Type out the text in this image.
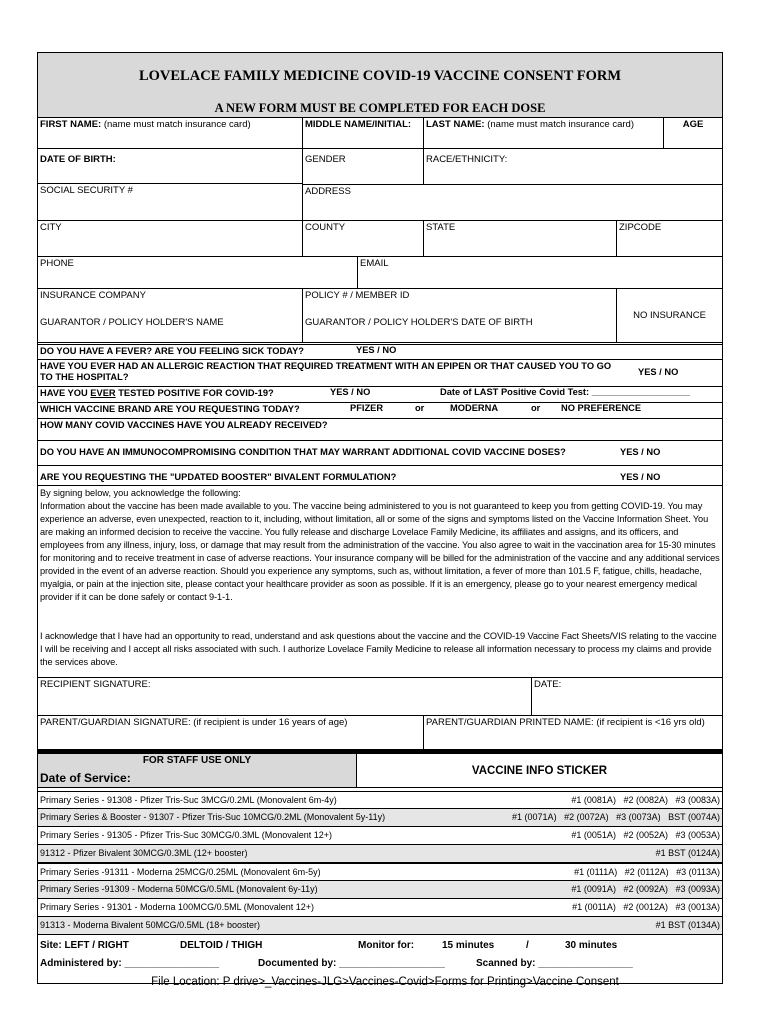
LOVELACE FAMILY MEDICINE COVID-19 VACCINE CONSENT FORM
A NEW FORM MUST BE COMPLETED FOR EACH DOSE
FIRST NAME: (name must match insurance card)	MIDDLE NAME/INITIAL:	LAST NAME: (name must match insurance card)	AGE
DATE OF BIRTH:	GENDER	RACE/ETHNICITY:
SOCIAL SECURITY #	ADDRESS
CITY	COUNTY	STATE	ZIPCODE
PHONE	EMAIL
INSURANCE COMPANY	POLICY # / MEMBER ID
GUARANTOR / POLICY HOLDER'S NAME	GUARANTOR / POLICY HOLDER'S DATE OF BIRTH
NO INSURANCE
DO YOU HAVE A FEVER? ARE YOU FEELING SICK TODAY?	YES / NO
HAVE YOU EVER HAD AN ALLERGIC REACTION THAT REQUIRED TREATMENT WITH AN EPIPEN OR THAT CAUSED YOU TO GO TO THE HOSPITAL?	YES / NO
HAVE YOU EVER TESTED POSITIVE FOR COVID-19?	YES / NO	Date of LAST Positive Covid Test: ___________________
WHICH VACCINE BRAND ARE YOU REQUESTING TODAY?	PFIZER	or	MODERNA	or NO PREFERENCE
HOW MANY COVID VACCINES HAVE YOU ALREADY RECEIVED?
DO YOU HAVE AN IMMUNOCOMPROMISING CONDITION THAT MAY WARRANT ADDITIONAL COVID VACCINE DOSES?	YES / NO
ARE YOU REQUESTING THE "UPDATED BOOSTER" BIVALENT FORMULATION?	YES / NO
By signing below, you acknowledge the following:
Information about the vaccine has been made available to you. The vaccine being administered to you is not guaranteed to keep you from getting COVID-19. You may experience an adverse, even unexpected, reaction to it, including, without limitation, all or some of the signs and symptoms listed on the Vaccine Information Sheet. You are making an informed decision to receive the vaccine. You fully release and discharge Lovelace Family Medicine, its affiliates and assigns, and its officers, and employees from any illness, injury, loss, or damage that may result from the administration of the vaccine. You also agree to wait in the vaccination area for 15-30 minutes for monitoring and to receive treatment in case of adverse reactions. Your insurance company will be billed for the administration of the vaccine and any additional services provided in the event of an adverse reaction. Should you experience any symptoms, such as, without limitation, a fever of more than 101.5 F, fatigue, chills, headache, myalgia, or pain at the injection site, please contact your healthcare provider as soon as possible. If it is an emergency, please go to your nearest emergency medical provider if it can be done safely or contact 9-1-1.
I acknowledge that I have had an opportunity to read, understand and ask questions about the vaccine and the COVID-19 Vaccine Fact Sheets/VIS relating to the vaccine I will be receiving and I accept all risks associated with such. I authorize Lovelace Family Medicine to release all information necessary to process my claims and provide the services above.
RECIPIENT SIGNATURE:	DATE:
PARENT/GUARDIAN SIGNATURE: (if recipient is under 16 years of age)	PARENT/GUARDIAN PRINTED NAME: (if recipient is <16 yrs old)
FOR STAFF USE ONLY
Date of Service:
VACCINE INFO STICKER
Primary Series - 91308 - Pfizer Tris-Suc 3MCG/0.2ML (Monovalent 6m-4y)	#1 (0081A)   #2 (0082A)   #3 (0083A)
Primary Series & Booster - 91307 - Pfizer Tris-Suc 10MCG/0.2ML (Monovalent 5y-11y)	#1 (0071A)   #2 (0072A)   #3 (0073A)   BST (0074A)
Primary Series - 91305 - Pfizer Tris-Suc 30MCG/0.3ML (Monovalent 12+)	#1 (0051A)   #2 (0052A)   #3 (0053A)
91312 - Pfizer Bivalent 30MCG/0.3ML (12+ booster)	#1 BST (0124A)
Primary Series -91311 - Moderna 25MCG/0.25ML (Monovalent 6m-5y)	#1 (0111A)   #2 (0112A)   #3 (0113A)
Primary Series -91309 - Moderna 50MCG/0.5ML (Monovalent 6y-11y)	#1 (0091A)   #2 (0092A)   #3 (0093A)
Primary Series - 91301 - Moderna 100MCG/0.5ML (Monovalent 12+)	#1 (0011A)   #2 (0012A)   #3 (0013A)
91313 - Moderna Bivalent 50MCG/0.5ML (18+ booster)	#1 BST (0134A)
Site: LEFT / RIGHT	DELTOID / THIGH	Monitor for:	15 minutes	/	30 minutes
Administered by: _________________	Documented by: ___________________	Scanned by: _________________
File Location: P drive>_Vaccines-JLG>Vaccines-Covid>Forms for Printing>Vaccine Consent
